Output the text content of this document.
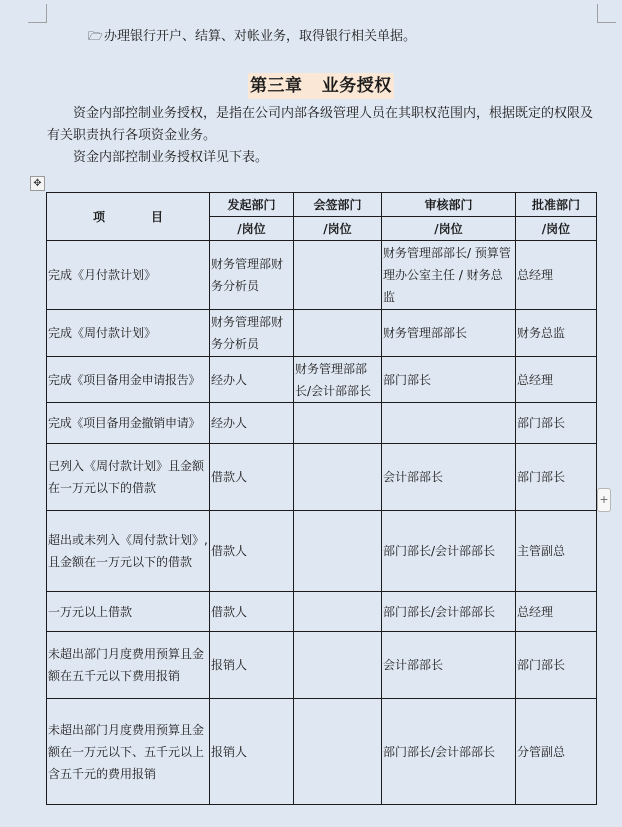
🗁办理银行开户、结算、对帐业务，取得银行相关单据。
第三章   业务授权
资金内部控制业务授权，是指在公司内部各级管理人员在其职权范围内，根据既定的权限及有关职责执行各项资金业务。
资金内部控制业务授权详见下表。
✥
项 目	发起部门	会签部门	审核部门	批准部门
	/岗位	/岗位	/岗位	/岗位
完成《月付款计划》	财务管理部财务分析员		财务管理部部长/ 预算管理办公室主任 / 财务总监	总经理
完成《周付款计划》	财务管理部财务分析员		财务管理部部长	财务总监
完成《项目备用金申请报告》	经办人	财务管理部部长/会计部部长	部门部长	总经理
完成《项目备用金撤销申请》	经办人			部门部长
已列入《周付款计划》且金额在一万元以下的借款	借款人		会计部部长	部门部长
超出或未列入《周付款计划》,且金额在一万元以下的借款	借款人		部门部长/会计部部长	主管副总
一万元以上借款	借款人		部门部长/会计部部长	总经理
未超出部门月度费用预算且金额在五千元以下费用报销	报销人		会计部部长	部门部长
未超出部门月度费用预算且金额在一万元以下、五千元以上含五千元的费用报销	报销人		部门部长/会计部部长	分管副总
+
